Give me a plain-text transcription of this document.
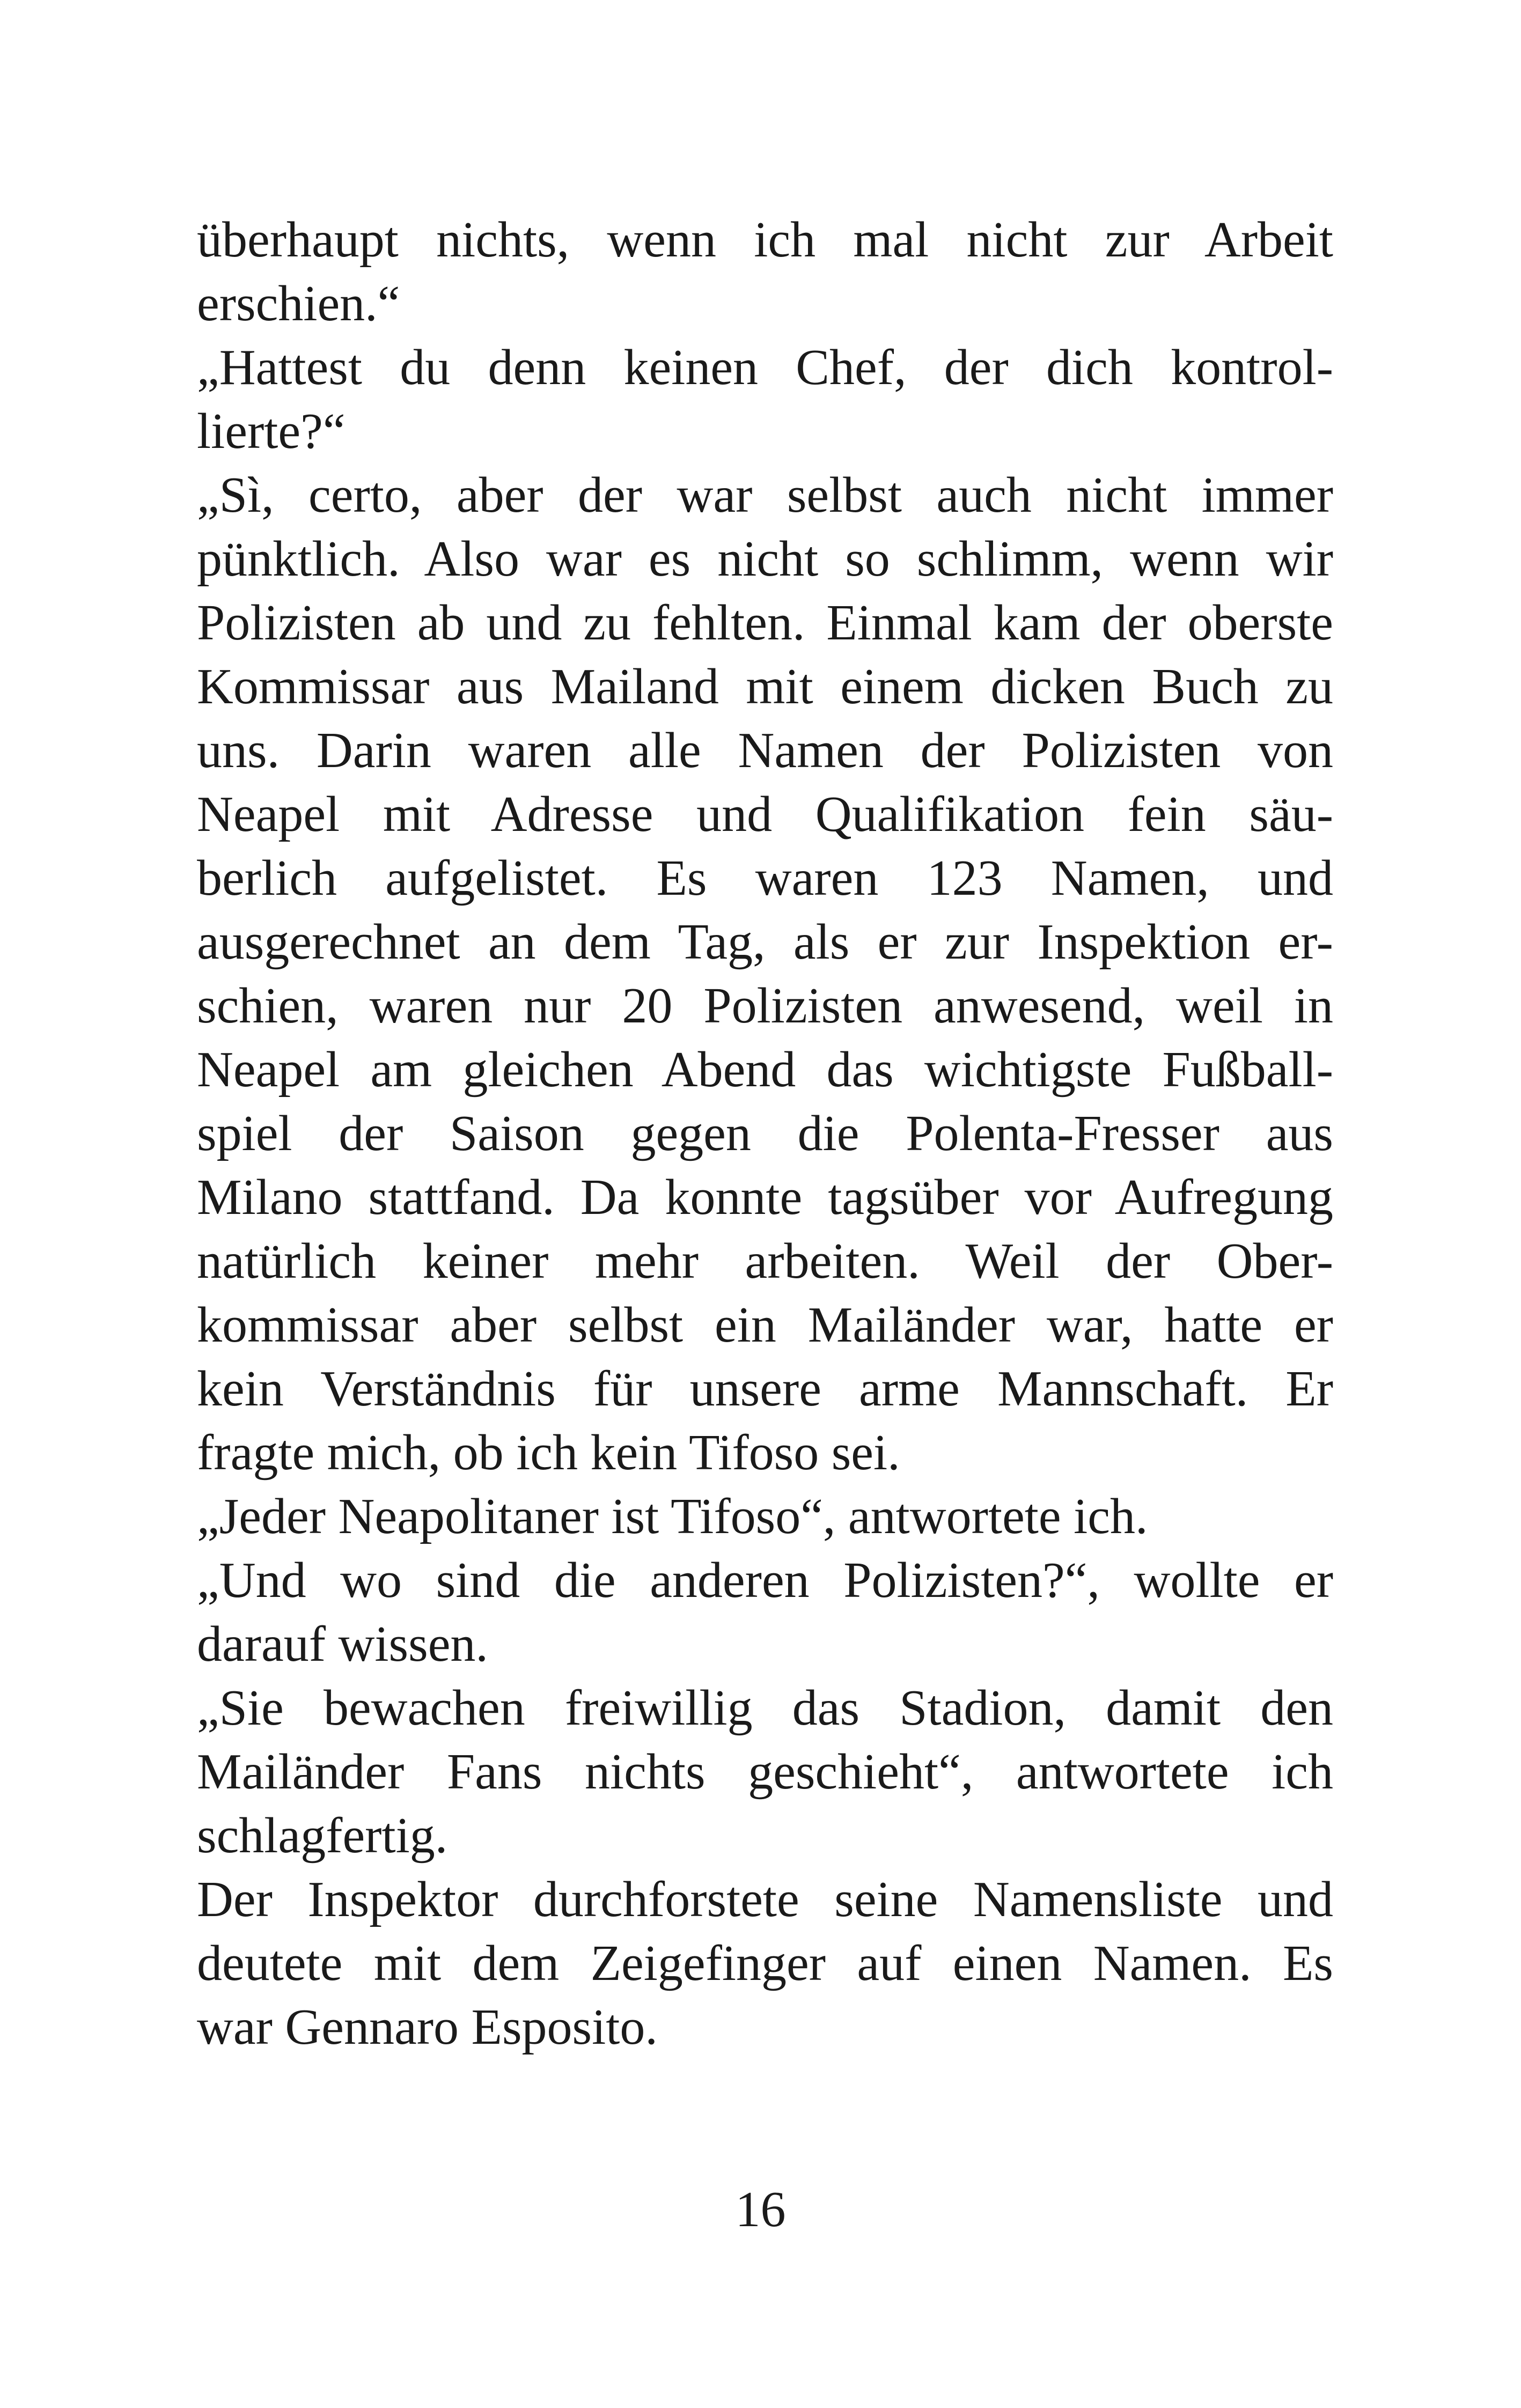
überhaupt nichts, wenn ich mal nicht zur Arbeit
erschien.“
„Hattest du denn keinen Chef, der dich kontrol-
lierte?“
„Sì, certo, aber der war selbst auch nicht immer
pünktlich. Also war es nicht so schlimm, wenn wir
Polizisten ab und zu fehlten. Einmal kam der oberste
Kommissar aus Mailand mit einem dicken Buch zu
uns. Darin waren alle Namen der Polizisten von
Neapel mit Adresse und Qualifikation fein säu-
berlich aufgelistet. Es waren 123 Namen, und
ausgerechnet an dem Tag, als er zur Inspektion er-
schien, waren nur 20 Polizisten anwesend, weil in
Neapel am gleichen Abend das wichtigste Fußball-
spiel der Saison gegen die Polenta-Fresser aus
Milano stattfand. Da konnte tagsüber vor Aufregung
natürlich keiner mehr arbeiten. Weil der Ober-
kommissar aber selbst ein Mailänder war, hatte er
kein Verständnis für unsere arme Mannschaft. Er
fragte mich, ob ich kein Tifoso sei.
„Jeder Neapolitaner ist Tifoso“, antwortete ich.
„Und wo sind die anderen Polizisten?“, wollte er
darauf wissen.
„Sie bewachen freiwillig das Stadion, damit den
Mailänder Fans nichts geschieht“, antwortete ich
schlagfertig.
Der Inspektor durchforstete seine Namensliste und
deutete mit dem Zeigefinger auf einen Namen. Es
war Gennaro Esposito.
16
